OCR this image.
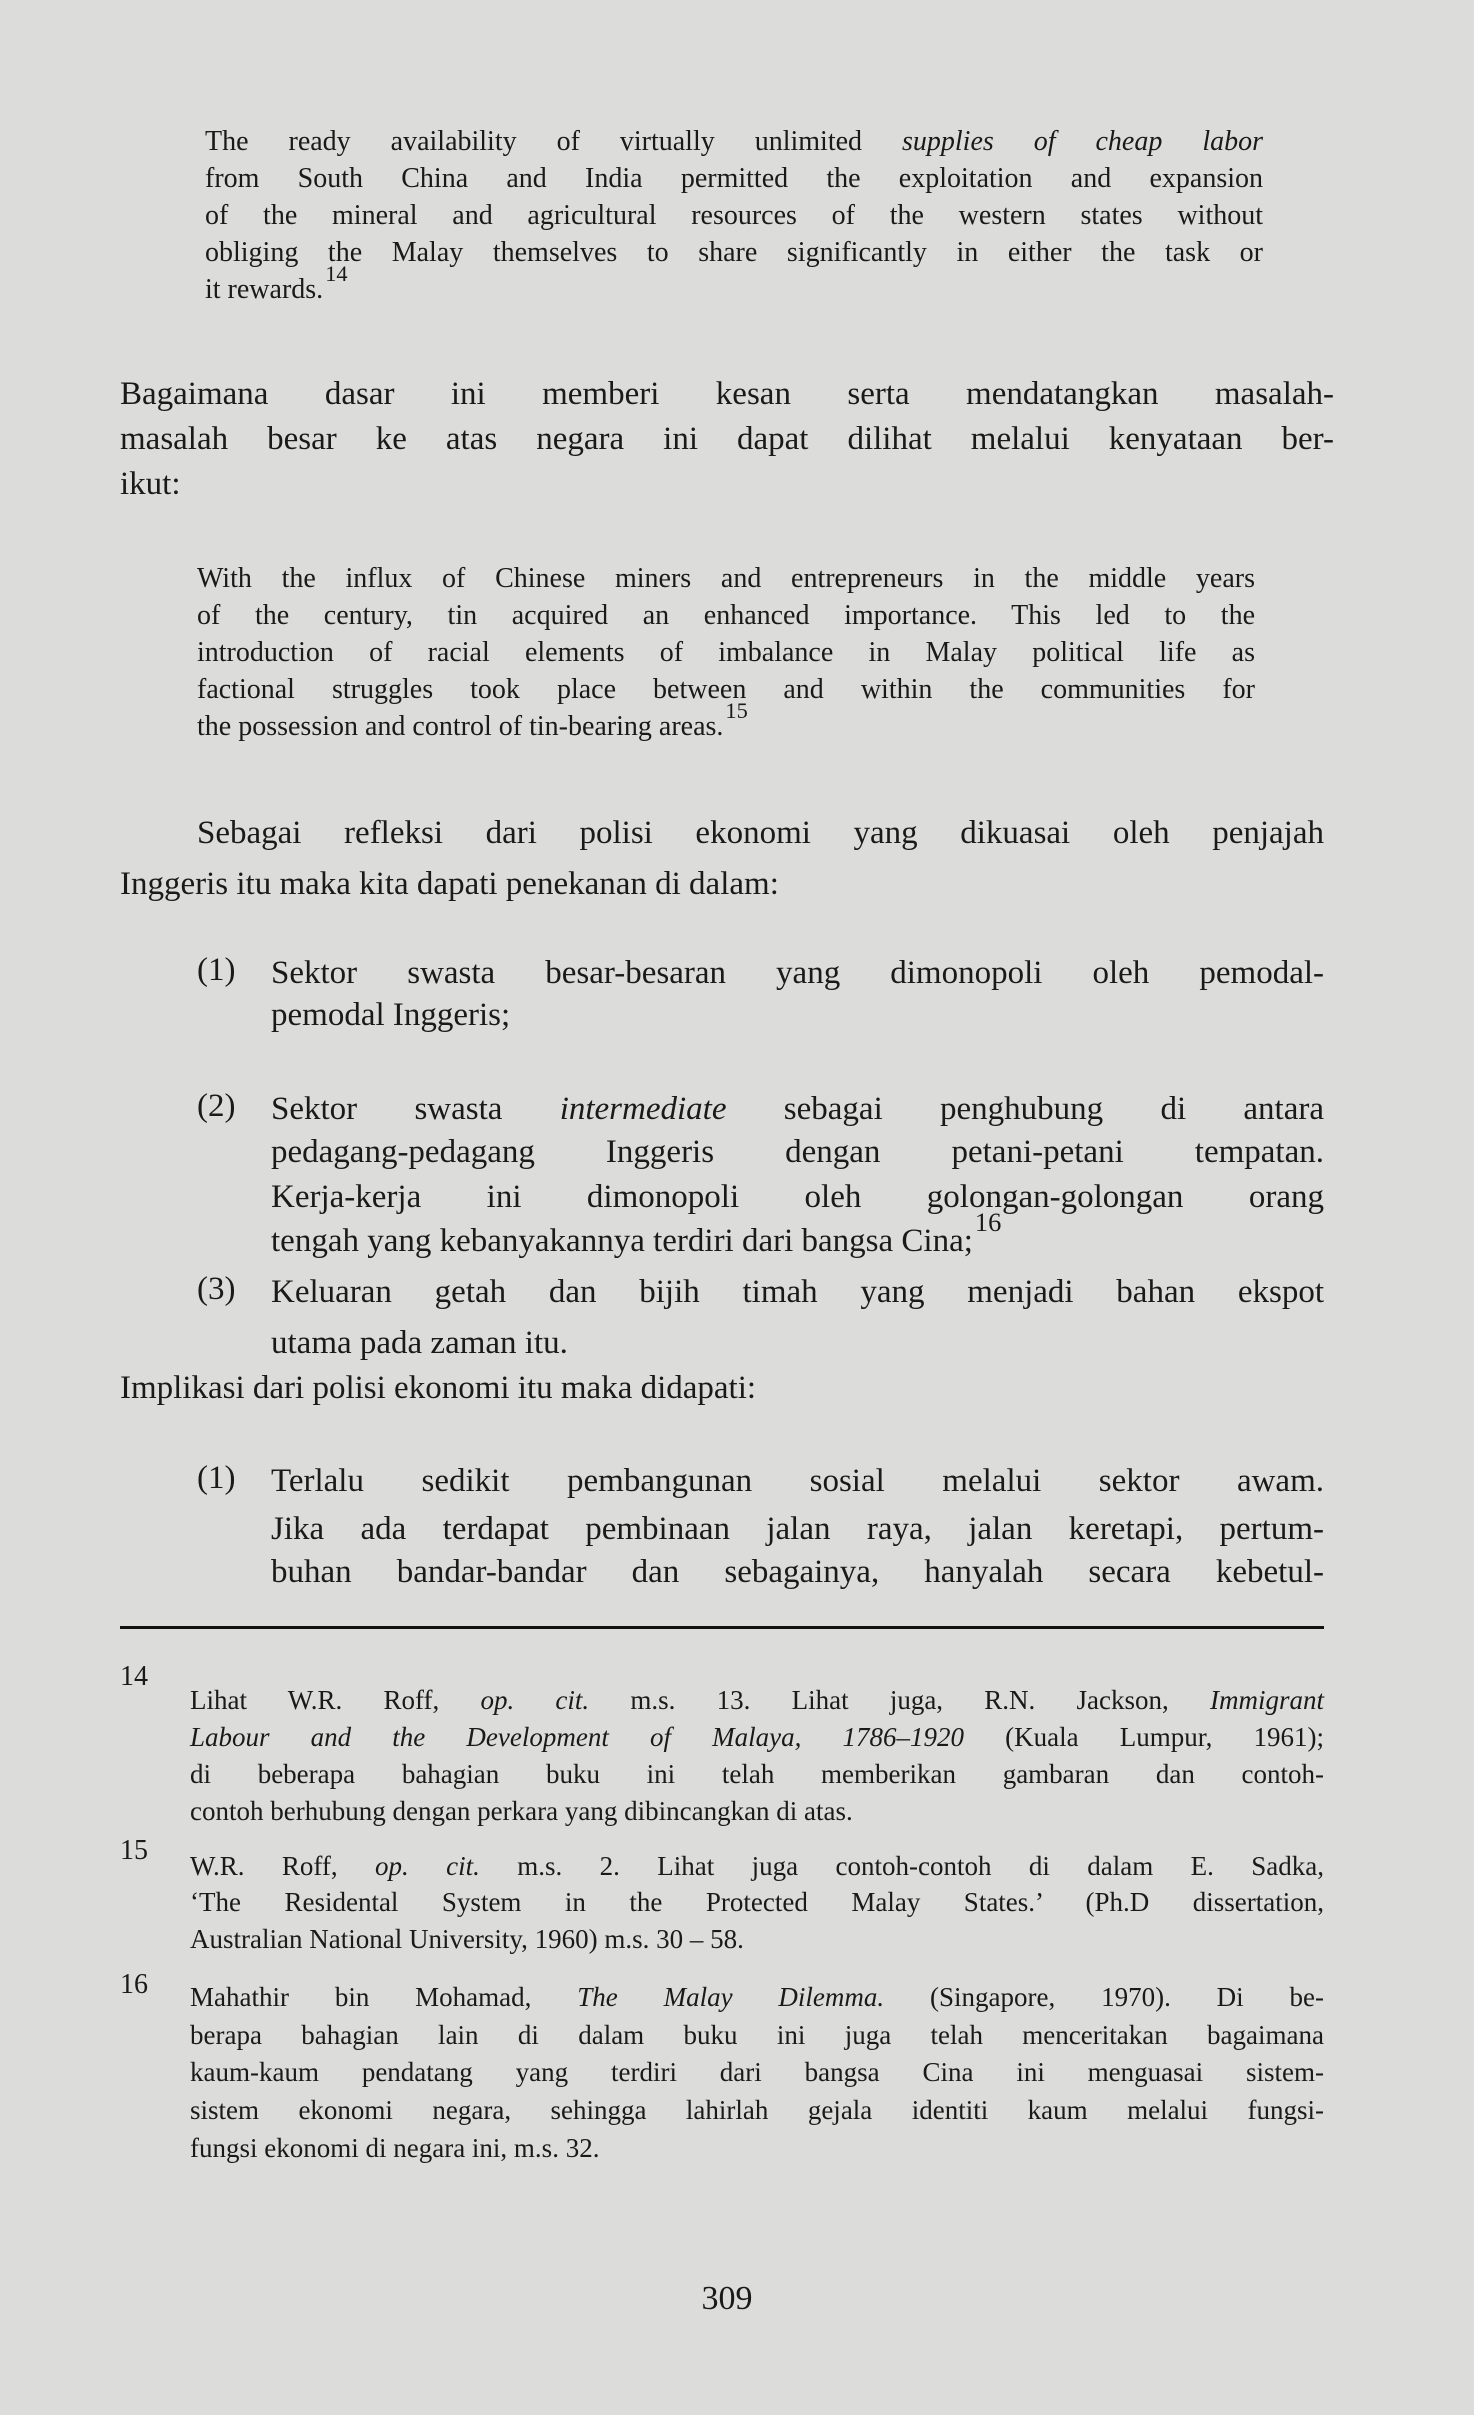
The ready availability of virtually unlimited supplies of cheap labor
from South China and India permitted the exploitation and expansion
of the mineral and agricultural resources of the western states without
obliging the Malay themselves to share significantly in either the task or
it rewards.$^{14}$
Bagaimana dasar ini memberi kesan serta mendatangkan masalah-
masalah besar ke atas negara ini dapat dilihat melalui kenyataan ber-
ikut:
With the influx of Chinese miners and entrepreneurs in the middle years
of the century, tin acquired an enhanced importance. This led to the
introduction of racial elements of imbalance in Malay political life as
factional struggles took place between and within the communities for
the possession and control of tin-bearing areas.$^{15}$
Sebagai refleksi dari polisi ekonomi yang dikuasai oleh penjajah
Inggeris itu maka kita dapati penekanan di dalam:
(1) Sektor swasta besar-besaran yang dimonopoli oleh pemodal-
pemodal Inggeris;
(2) Sektor swasta intermediate sebagai penghubung di antara
pedagang-pedagang Inggeris dengan petani-petani tempatan.
Kerja-kerja ini dimonopoli oleh golongan-golongan orang
tengah yang kebanyakannya terdiri dari bangsa Cina;$^{16}$
(3) Keluaran getah dan bijih timah yang menjadi bahan ekspot
utama pada zaman itu.
Implikasi dari polisi ekonomi itu maka didapati:
(1) Terlalu sedikit pembangunan sosial melalui sektor awam.
Jika ada terdapat pembinaan jalan raya, jalan keretapi, pertum-
buhan bandar-bandar dan sebagainya, hanyalah secara kebetul-
14
Lihat W.R. Roff, op. cit. m.s. 13. Lihat juga, R.N. Jackson, Immigrant
Labour and the Development of Malaya, 1786–1920 (Kuala Lumpur, 1961);
di beberapa bahagian buku ini telah memberikan gambaran dan contoh-
contoh berhubung dengan perkara yang dibincangkan di atas.
15
W.R. Roff, op. cit. m.s. 2. Lihat juga contoh-contoh di dalam E. Sadka,
‘The Residental System in the Protected Malay States.’ (Ph.D dissertation,
Australian National University, 1960) m.s. 30 – 58.
16 Mahathir bin Mohamad, The Malay Dilemma. (Singapore, 1970). Di be-
berapa bahagian lain di dalam buku ini juga telah menceritakan bagaimana
kaum-kaum pendatang yang terdiri dari bangsa Cina ini menguasai sistem-
sistem ekonomi negara, sehingga lahirlah gejala identiti kaum melalui fungsi-
fungsi ekonomi di negara ini, m.s. 32.
309
